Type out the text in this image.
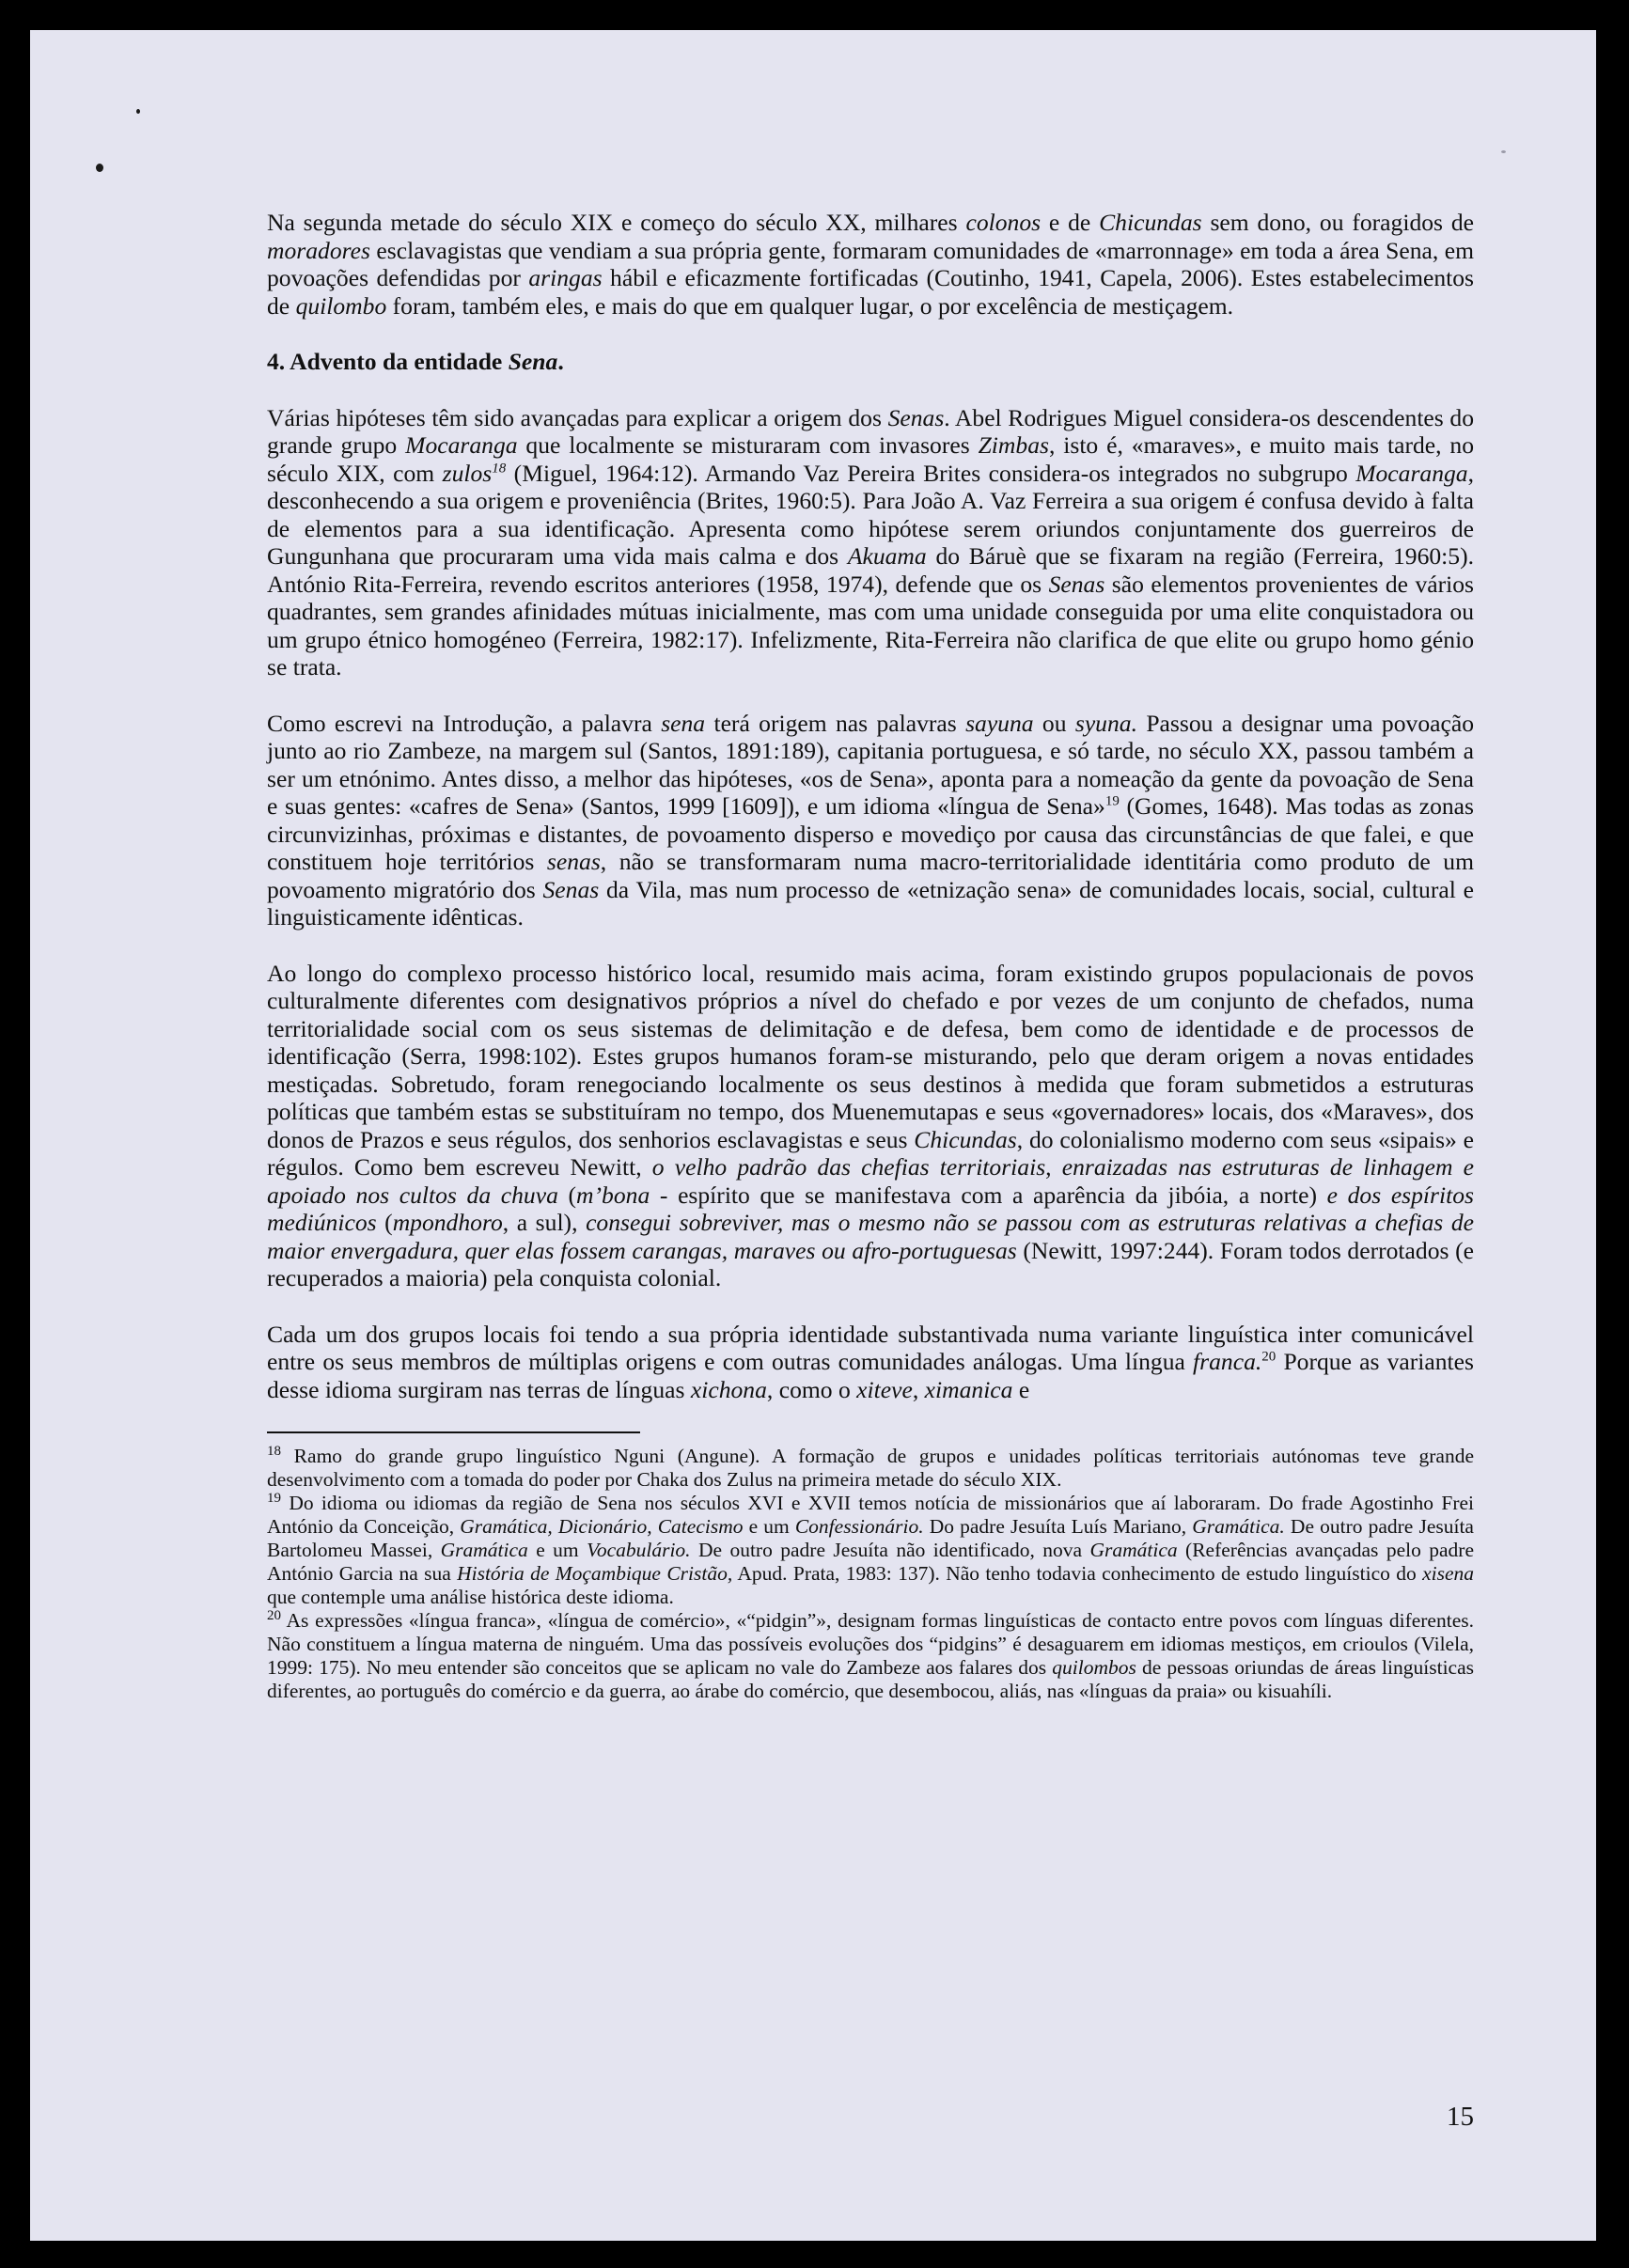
Na segunda metade do século XIX e começo do século XX, milhares colonos e de Chicundas sem dono, ou foragidos de moradores esclavagistas que vendiam a sua própria gente, formaram comunidades de «marronnage» em toda a área Sena, em povoações defendidas por aringas hábil e eficazmente fortificadas (Coutinho, 1941, Capela, 2006). Estes estabelecimentos de quilombo foram, também eles, e mais do que em qualquer lugar, o por excelência de mestiçagem.

4. Advento da entidade Sena.

Várias hipóteses têm sido avançadas para explicar a origem dos Senas. Abel Rodrigues Miguel considera-os descendentes do grande grupo Mocaranga que localmente se misturaram com invasores Zimbas, isto é, «maraves», e muito mais tarde, no século XIX, com zulos$^{18}$ (Miguel, 1964:12). Armando Vaz Pereira Brites considera-os integrados no subgrupo Mocaranga, desconhecendo a sua origem e proveniência (Brites, 1960:5). Para João A. Vaz Ferreira a sua origem é confusa devido à falta de elementos para a sua identificação. Apresenta como hipótese serem oriundos conjuntamente dos guerreiros de Gungunhana que procuraram uma vida mais calma e dos Akuama do Báruè que se fixaram na região (Ferreira, 1960:5). António Rita-Ferreira, revendo escritos anteriores (1958, 1974), defende que os Senas são elementos provenientes de vários quadrantes, sem grandes afinidades mútuas inicialmente, mas com uma unidade conseguida por uma elite conquistadora ou um grupo étnico homogéneo (Ferreira, 1982:17). Infelizmente, Rita-Ferreira não clarifica de que elite ou grupo homo génio se trata.

Como escrevi na Introdução, a palavra sena terá origem nas palavras sayuna ou syuna. Passou a designar uma povoação junto ao rio Zambeze, na margem sul (Santos, 1891:189), capitania portuguesa, e só tarde, no século XX, passou também a ser um etnónimo. Antes disso, a melhor das hipóteses, «os de Sena», aponta para a nomeação da gente da povoação de Sena e suas gentes: «cafres de Sena» (Santos, 1999 [1609]), e um idioma «língua de Sena»$^{19}$ (Gomes, 1648). Mas todas as zonas circunvizinhas, próximas e distantes, de povoamento disperso e movediço por causa das circunstâncias de que falei, e que constituem hoje territórios senas, não se transformaram numa macro-territorialidade identitária como produto de um povoamento migratório dos Senas da Vila, mas num processo de «etnização sena» de comunidades locais, social, cultural e linguisticamente idênticas.

Ao longo do complexo processo histórico local, resumido mais acima, foram existindo grupos populacionais de povos culturalmente diferentes com designativos próprios a nível do chefado e por vezes de um conjunto de chefados, numa territorialidade social com os seus sistemas de delimitação e de defesa, bem como de identidade e de processos de identificação (Serra, 1998:102). Estes grupos humanos foram-se misturando, pelo que deram origem a novas entidades mestiçadas. Sobretudo, foram renegociando localmente os seus destinos à medida que foram submetidos a estruturas políticas que também estas se substituíram no tempo, dos Muenemutapas e seus «governadores» locais, dos «Maraves», dos donos de Prazos e seus régulos, dos senhorios esclavagistas e seus Chicundas, do colonialismo moderno com seus «sipais» e régulos. Como bem escreveu Newitt, o velho padrão das chefias territoriais, enraizadas nas estruturas de linhagem e apoiado nos cultos da chuva (m’bona - espírito que se manifestava com a aparência da jibóia, a norte) e dos espíritos mediúnicos (mpondhoro, a sul), consegui sobreviver, mas o mesmo não se passou com as estruturas relativas a chefias de maior envergadura, quer elas fossem carangas, maraves ou afro-portuguesas (Newitt, 1997:244). Foram todos derrotados (e recuperados a maioria) pela conquista colonial.

Cada um dos grupos locais foi tendo a sua própria identidade substantivada numa variante linguística inter comunicável entre os seus membros de múltiplas origens e com outras comunidades análogas. Uma língua franca.$^{20}$ Porque as variantes desse idioma surgiram nas terras de línguas xichona, como o xiteve, ximanica e

$^{18}$ Ramo do grande grupo linguístico Nguni (Angune). A formação de grupos e unidades políticas territoriais autónomas teve grande desenvolvimento com a tomada do poder por Chaka dos Zulus na primeira metade do século XIX.

$^{19}$ Do idioma ou idiomas da região de Sena nos séculos XVI e XVII temos notícia de missionários que aí laboraram. Do frade Agostinho Frei António da Conceição, Gramática, Dicionário, Catecismo e um Confessionário. Do padre Jesuíta Luís Mariano, Gramática. De outro padre Jesuíta Bartolomeu Massei, Gramática e um Vocabulário. De outro padre Jesuíta não identificado, nova Gramática (Referências avançadas pelo padre António Garcia na sua História de Moçambique Cristão, Apud. Prata, 1983: 137). Não tenho todavia conhecimento de estudo linguístico do xisena que contemple uma análise histórica deste idioma.

$^{20}$ As expressões «língua franca», «língua de comércio», «“pidgin”», designam formas linguísticas de contacto entre povos com línguas diferentes. Não constituem a língua materna de ninguém. Uma das possíveis evoluções dos “pidgins” é desaguarem em idiomas mestiços, em crioulos (Vilela, 1999: 175). No meu entender são conceitos que se aplicam no vale do Zambeze aos falares dos quilombos de pessoas oriundas de áreas linguísticas diferentes, ao português do comércio e da guerra, ao árabe do comércio, que desembocou, aliás, nas «línguas da praia» ou kisuahíli.

15
